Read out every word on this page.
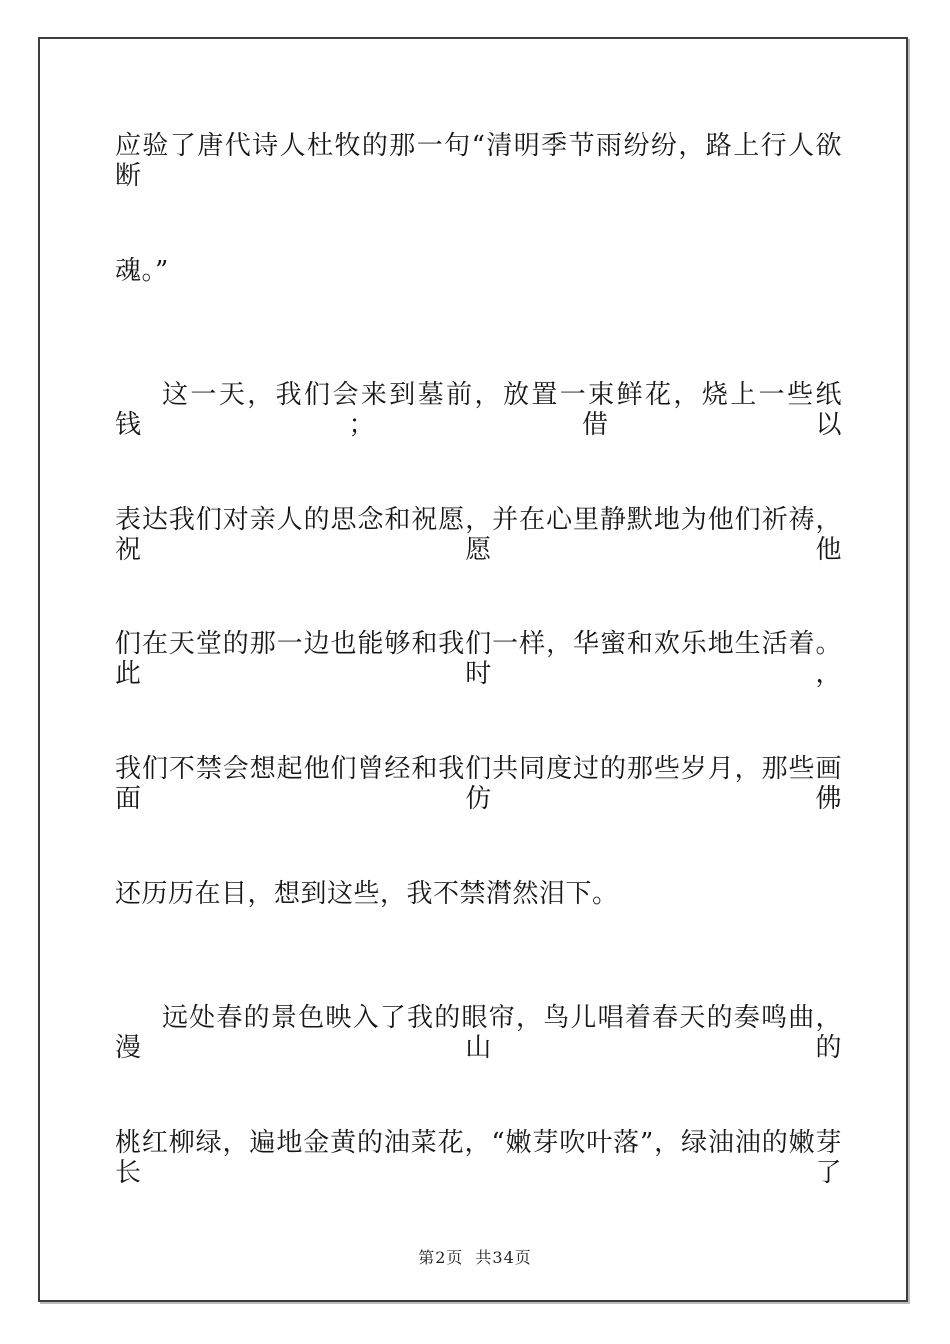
应验了唐代诗人杜牧的那一句“清明季节雨纷纷，路上行人欲断
魂。”
这一天，我们会来到墓前，放置一束鲜花，烧上一些纸钱；借以
表达我们对亲人的思念和祝愿，并在心里静默地为他们祈祷，祝愿他
们在天堂的那一边也能够和我们一样，华蜜和欢乐地生活着。此时，
我们不禁会想起他们曾经和我们共同度过的那些岁月，那些画面仿佛
还历历在目，想到这些，我不禁潸然泪下。
远处春的景色映入了我的眼帘，鸟儿唱着春天的奏鸣曲，漫山的
桃红柳绿，遍地金黄的油菜花，“嫩芽吹叶落”，绿油油的嫩芽长了
第2页 共34页
